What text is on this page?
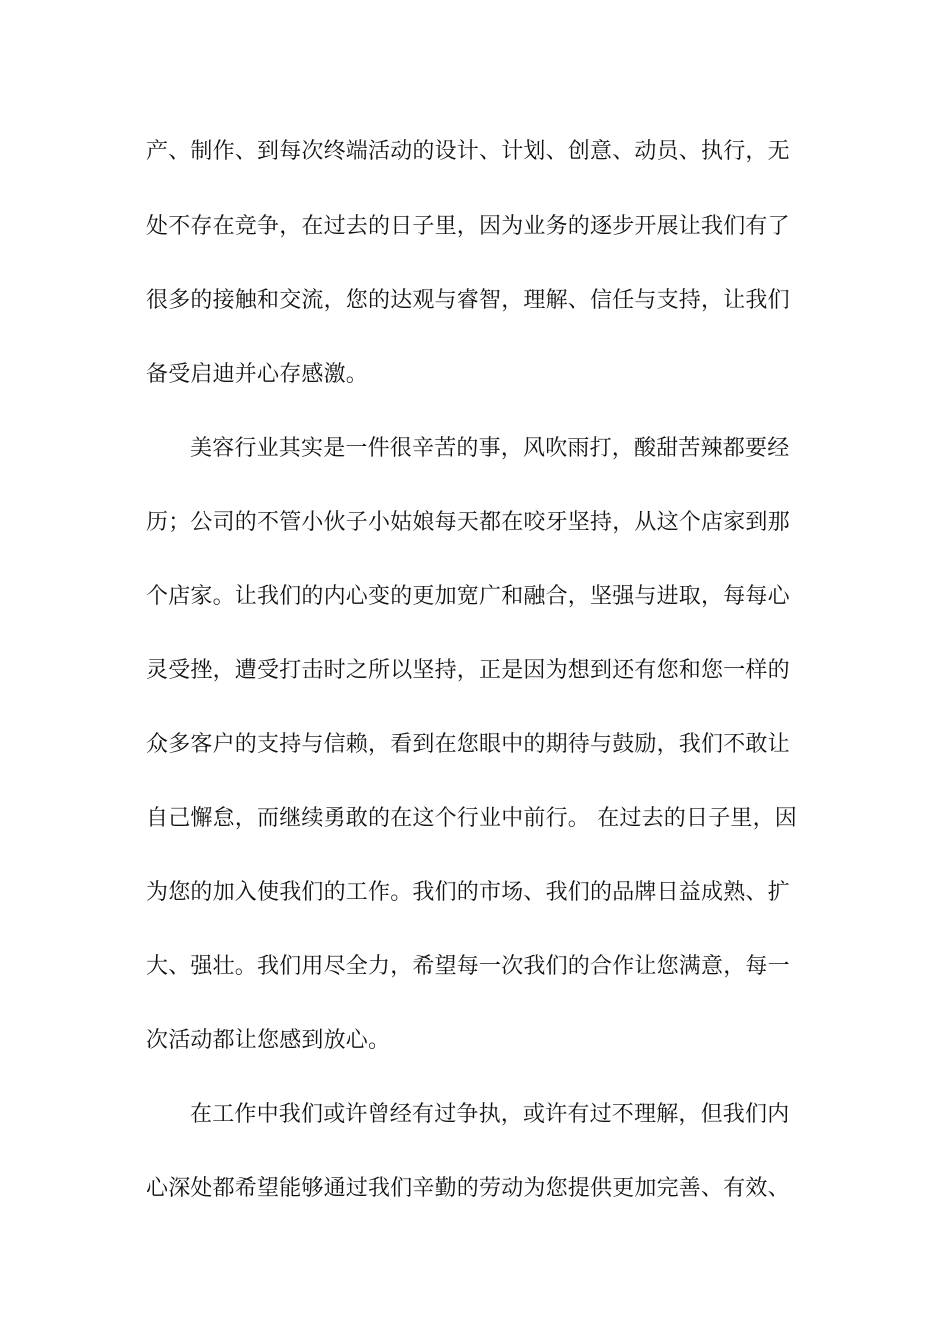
产、制作、到每次终端活动的设计、计划、创意、动员、执行，无
处不存在竞争，在过去的日子里，因为业务的逐步开展让我们有了
很多的接触和交流，您的达观与睿智，理解、信任与支持，让我们
备受启迪并心存感激。
美容行业其实是一件很辛苦的事，风吹雨打，酸甜苦辣都要经
历；公司的不管小伙子小姑娘每天都在咬牙坚持，从这个店家到那
个店家。让我们的内心变的更加宽广和融合，坚强与进取，每每心
灵受挫，遭受打击时之所以坚持，正是因为想到还有您和您一样的
众多客户的支持与信赖，看到在您眼中的期待与鼓励，我们不敢让
自己懈怠，而继续勇敢的在这个行业中前行。 在过去的日子里，因
为您的加入使我们的工作。我们的市场、我们的品牌日益成熟、扩
大、强壮。我们用尽全力，希望每一次我们的合作让您满意，每一
次活动都让您感到放心。
在工作中我们或许曾经有过争执，或许有过不理解，但我们内
心深处都希望能够通过我们辛勤的劳动为您提供更加完善、有效、
